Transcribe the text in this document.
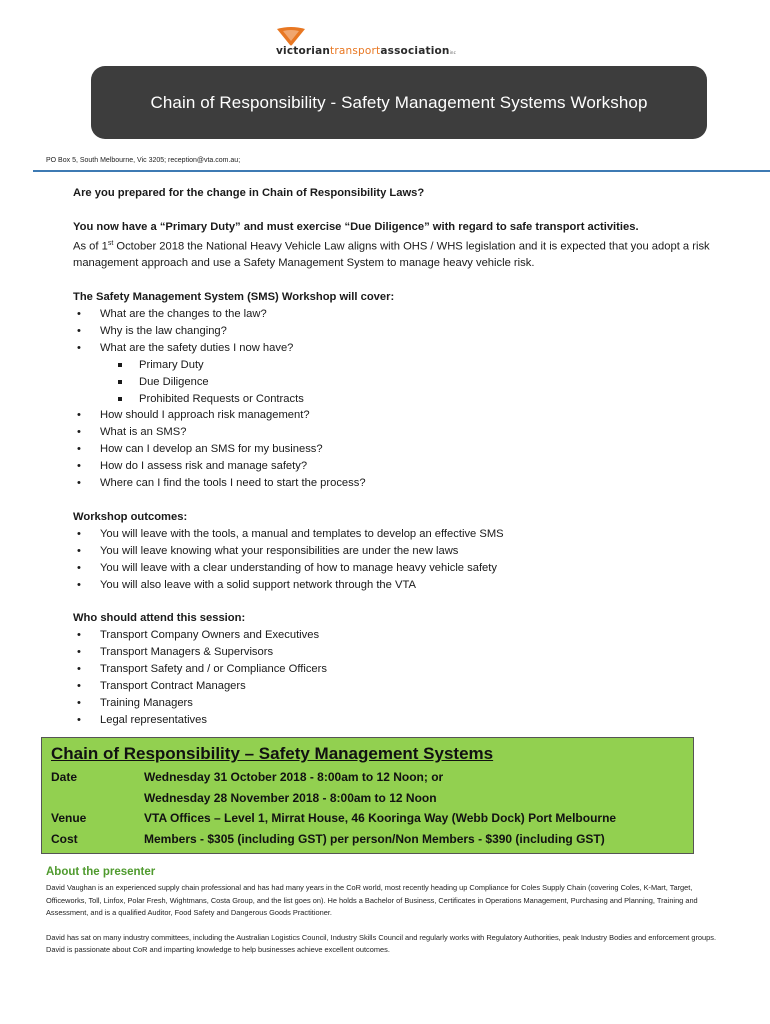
victoriantransportassociationinc
Chain of Responsibility - Safety Management Systems Workshop
PO Box 5, South Melbourne, Vic 3205; reception@vta.com.au;

Are you prepared for the change in Chain of Responsibility Laws?

You now have a “Primary Duty” and must exercise “Due Diligence” with regard to safe transport activities.

As of 1st October 2018 the National Heavy Vehicle Law aligns with OHS / WHS legislation and it is expected that you adopt a risk management approach and use a Safety Management System to manage heavy vehicle risk.

The Safety Management System (SMS) Workshop will cover:

• What are the changes to the law?
• Why is the law changing?
• What are the safety duties I now have?
Primary Duty
Due Diligence
Prohibited Requests or Contracts
• How should I approach risk management?
• What is an SMS?
• How can I develop an SMS for my business?
• How do I assess risk and manage safety?
• Where can I find the tools I need to start the process?

Workshop outcomes:

• You will leave with the tools, a manual and templates to develop an effective SMS
• You will leave knowing what your responsibilities are under the new laws
• You will leave with a clear understanding of how to manage heavy vehicle safety
• You will also leave with a solid support network through the VTA

Who should attend this session:

• Transport Company Owners and Executives
• Transport Managers & Supervisors
• Transport Safety and / or Compliance Officers
• Transport Contract Managers
• Training Managers
• Legal representatives
Chain of Responsibility – Safety Management Systems
Date	Wednesday 31 October 2018 - 8:00am to 12 Noon; or
Wednesday 28 November 2018 - 8:00am to 12 Noon
Venue	VTA Offices – Level 1, Mirrat House, 46 Kooringa Way (Webb Dock) Port Melbourne
Cost	Members - $305 (including GST) per person/Non Members - $390 (including GST)
About the presenter

David Vaughan is an experienced supply chain professional and has had many years in the CoR world, most recently heading up Compliance for Coles Supply Chain (covering Coles, K-Mart, Target, Officeworks, Toll, Linfox, Polar Fresh, Wightmans, Costa Group, and the list goes on). He holds a Bachelor of Business, Certificates in Operations Management, Purchasing and Planning, Training and Assessment, and is a qualified Auditor, Food Safety and Dangerous Goods Practitioner.

David has sat on many industry committees, including the Australian Logistics Council, Industry Skills Council and regularly works with Regulatory Authorities, peak Industry Bodies and enforcement groups. David is passionate about CoR and imparting knowledge to help businesses achieve excellent outcomes.
